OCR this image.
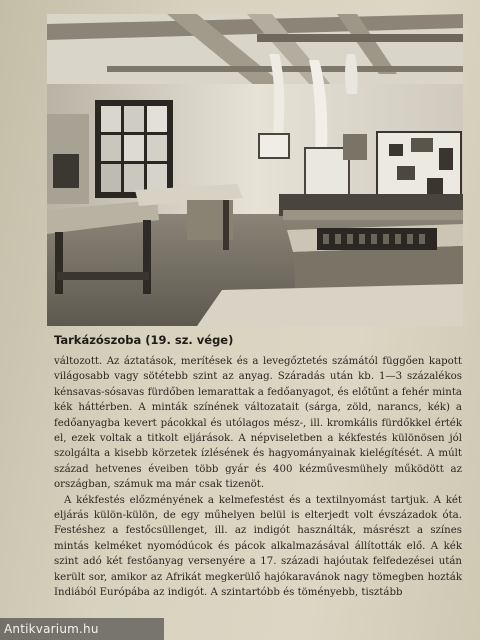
Tarkázószoba (19. sz. vége)

változott. Az áztatások, merítések és a levegőztetés számától függően kapott világosabb vagy sötétebb szint az anyag. Száradás után kb. 1—3 százalékos kénsavas-sósavas fürdőben lemarattak a fedőanyagot, és előtűnt a fehér minta kék háttérben. A minták színének változatait (sárga, zöld, narancs, kék) a fedőanyagba kevert pácokkal és utólagos mész-, ill. kromkális fürdőkkel érték el, ezek voltak a titkolt eljárások. A népviseletben a kékfestés különösen jól szolgálta a kisebb körzetek ízlésének és hagyományainak kielégítését. A múlt század hetvenes éveiben több gyár és 400 kézművesmühely működött az országban, számuk ma már csak tizenöt.

A kékfestés előzményének a kelmefestést és a textilnyomást tartjuk. A két eljárás külön-külön, de egy műhelyen belül is elterjedt volt évszázadok óta. Festéshez a festőcsüllenget, ill. az indigót használták, másrészt a színes mintás kelméket nyomódúcok és pácok alkalmazásával állították elő. A kék szint adó két festőanyag versenyére a 17. századi hajóutak felfedezései után került sor, amikor az Afrikát megkerülő hajókaravánok nagy tömegben hozták Indiából Európába az indigót. A szintartóbb és töményebb, tisztább

Antikvarium.hu
